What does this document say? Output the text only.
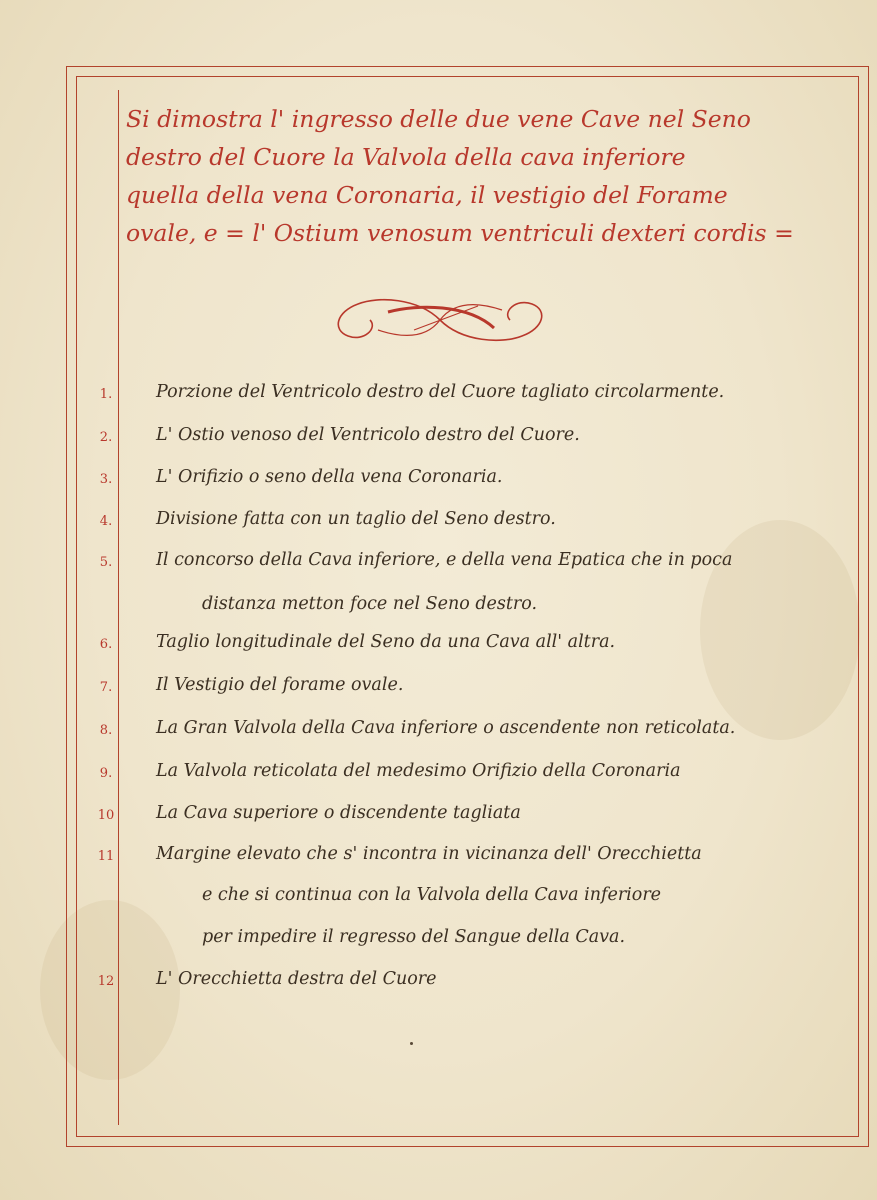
Si dimostra l' ingresso delle due vene Cave nel Seno
destro del Cuore la Valvola della cava inferiore
quella della vena Coronaria, il vestigio del Forame
ovale, e = l' Ostium venosum ventriculi dexteri cordis =
1.	Porzione del Ventricolo destro del Cuore tagliato circolarmente.
2.	L' Ostio venoso del Ventricolo destro del Cuore.
3.	L' Orifizio o seno della vena Coronaria.
4.	Divisione fatta con un taglio del Seno destro.
5.	Il concorso della Cava inferiore, e della vena Epatica che in poca
distanza metton foce nel Seno destro.
6.	Taglio longitudinale del Seno da una Cava all' altra.
7.	Il Vestigio del forame ovale.
8.	La Gran Valvola della Cava inferiore o ascendente non reticolata.
9.	La Valvola reticolata del medesimo Orifizio della Coronaria
10 La Cava superiore o discendente tagliata
11 Margine elevato che s' incontra in vicinanza dell' Orecchietta
e che si continua con la Valvola della Cava inferiore
per impedire il regresso del Sangue della Cava.
12 L' Orecchietta destra del Cuore
